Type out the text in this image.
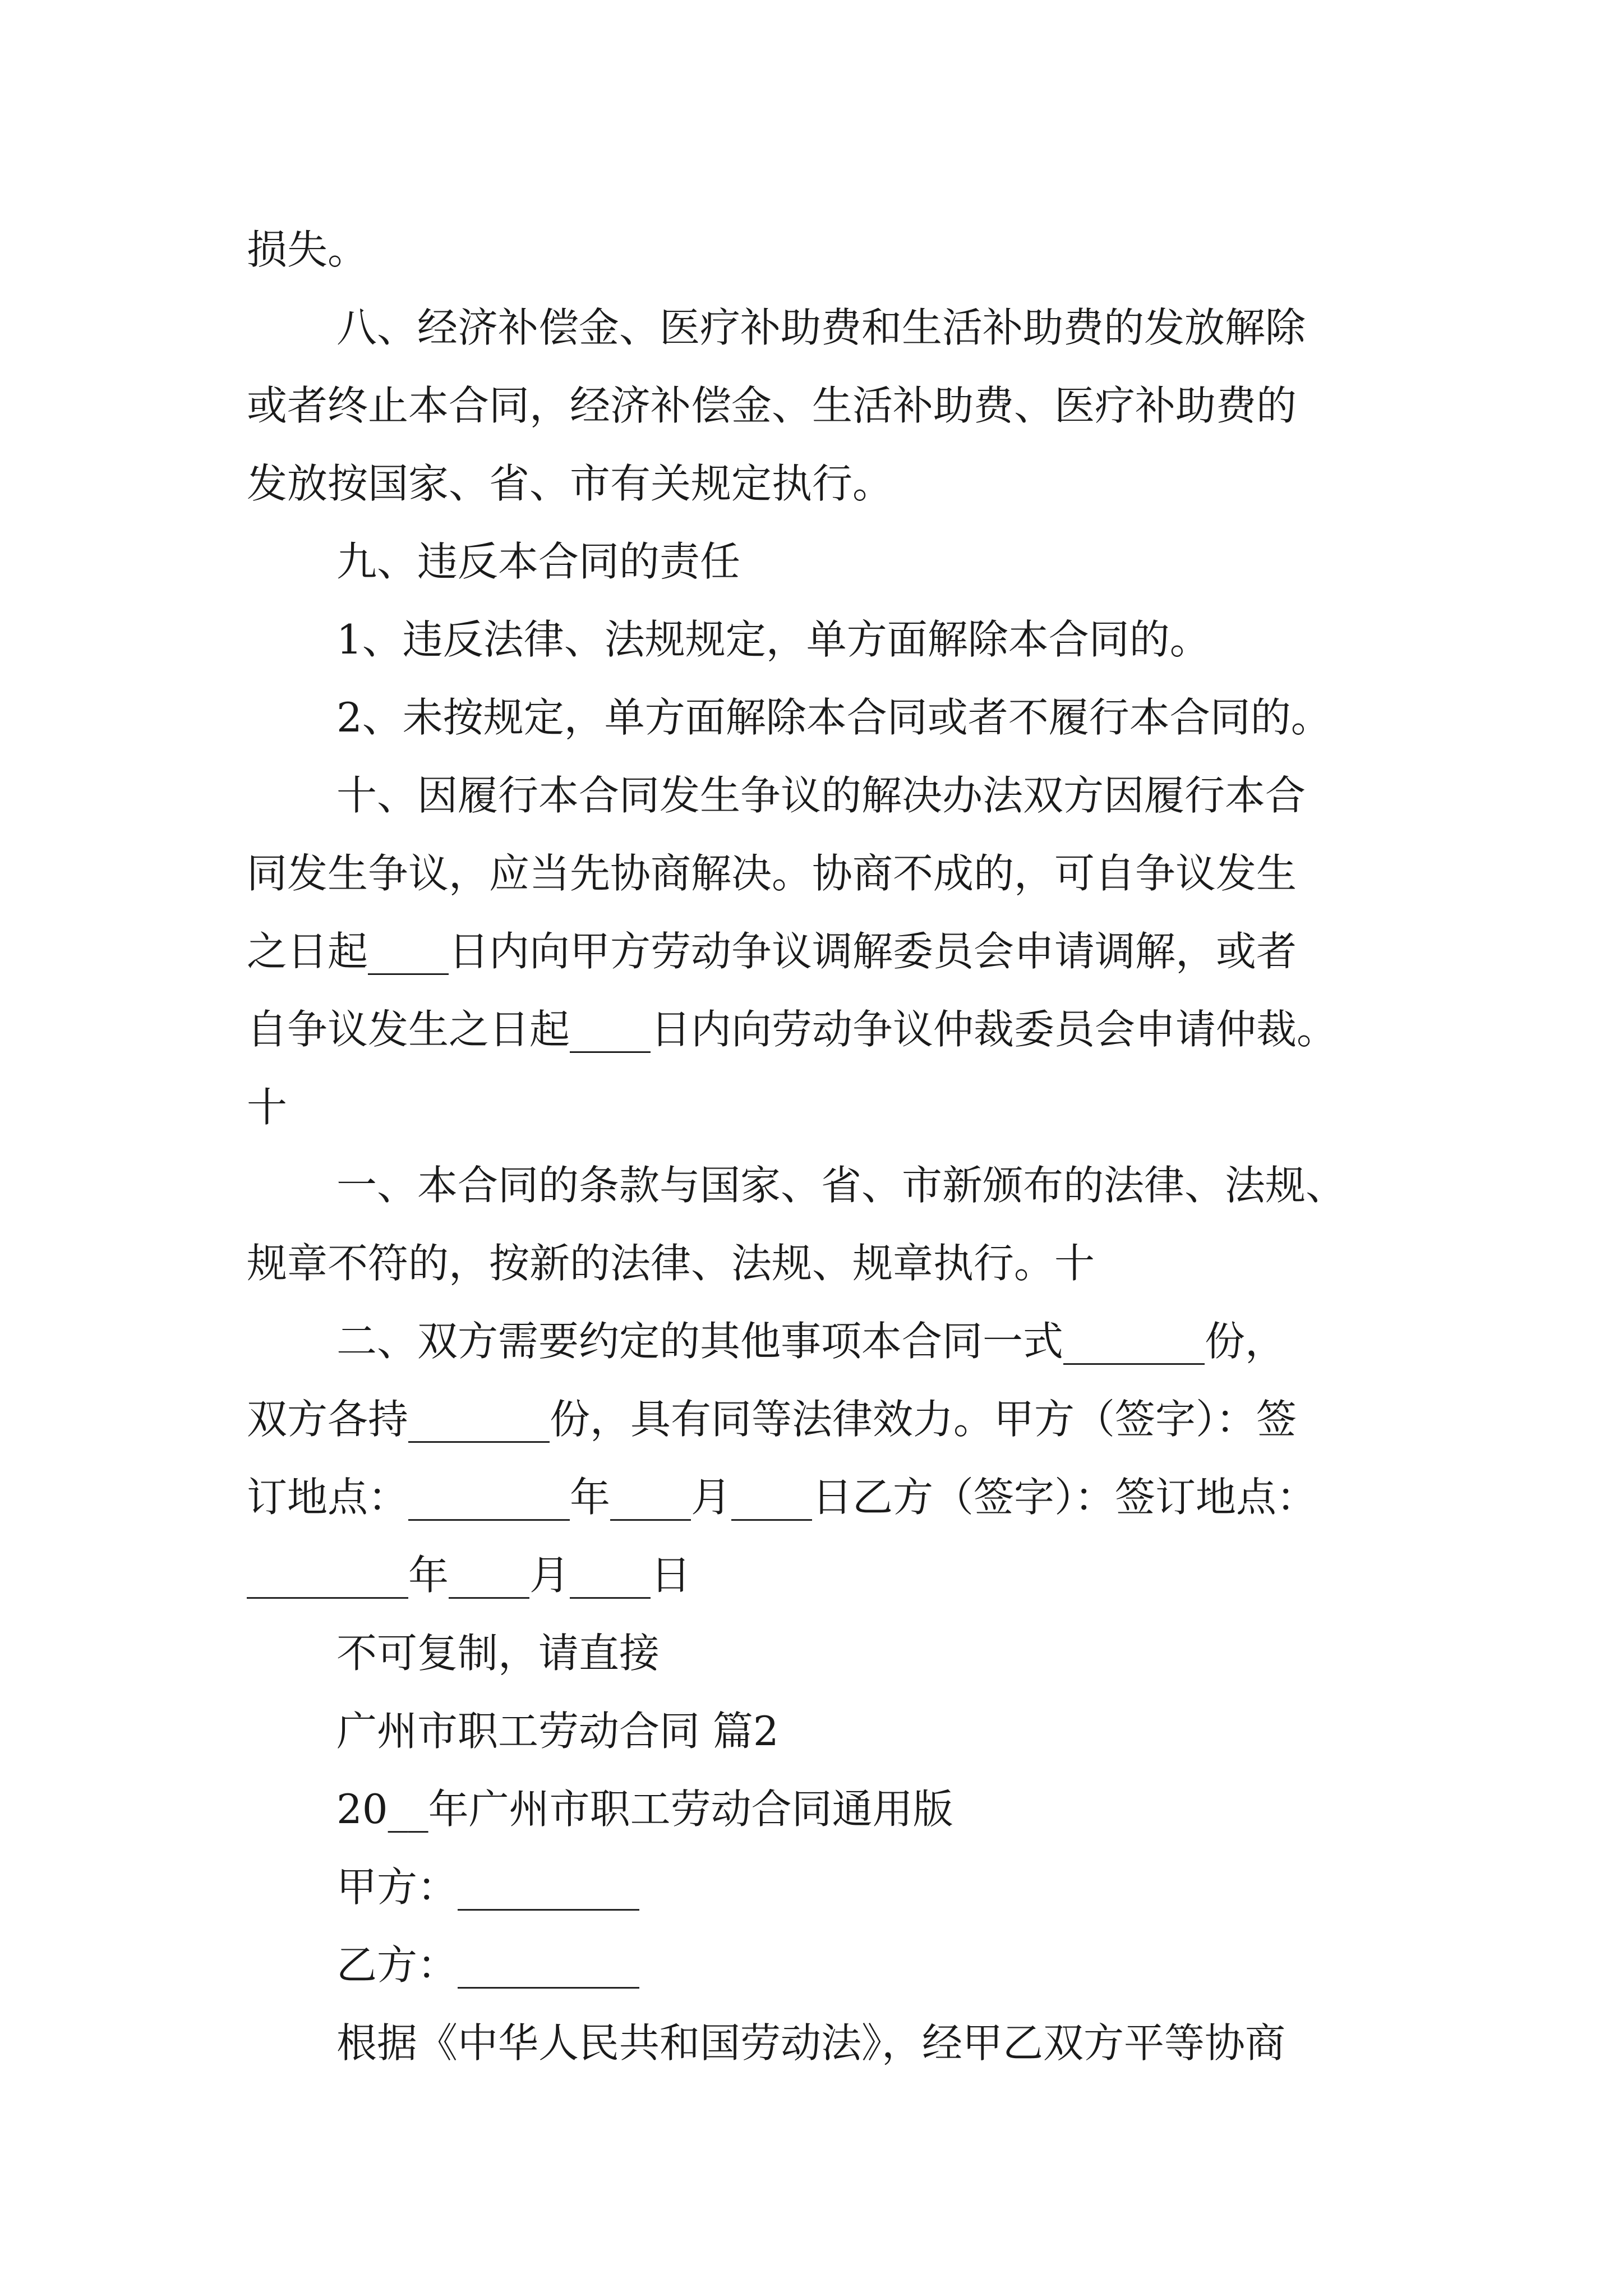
损失。
八、经济补偿金、医疗补助费和生活补助费的发放解除
或者终止本合同，经济补偿金、生活补助费、医疗补助费的
发放按国家、省、市有关规定执行。
九、违反本合同的责任
1、违反法律、法规规定，单方面解除本合同的。
2、未按规定，单方面解除本合同或者不履行本合同的。
十、因履行本合同发生争议的解决办法双方因履行本合
同发生争议，应当先协商解决。协商不成的，可自争议发生
之日起____日内向甲方劳动争议调解委员会申请调解，或者
自争议发生之日起____日内向劳动争议仲裁委员会申请仲裁。
十
一、本合同的条款与国家、省、市新颁布的法律、法规、
规章不符的，按新的法律、法规、规章执行。十
二、双方需要约定的其他事项本合同一式_______份，
双方各持_______份，具有同等法律效力。甲方（签字）：签
订地点：________年____月____日乙方（签字）：签订地点：
________年____月____日
不可复制，请直接
广州市职工劳动合同 篇2
20__年广州市职工劳动合同通用版
甲方：_________
乙方：_________
根据《中华人民共和国劳动法》，经甲乙双方平等协商
